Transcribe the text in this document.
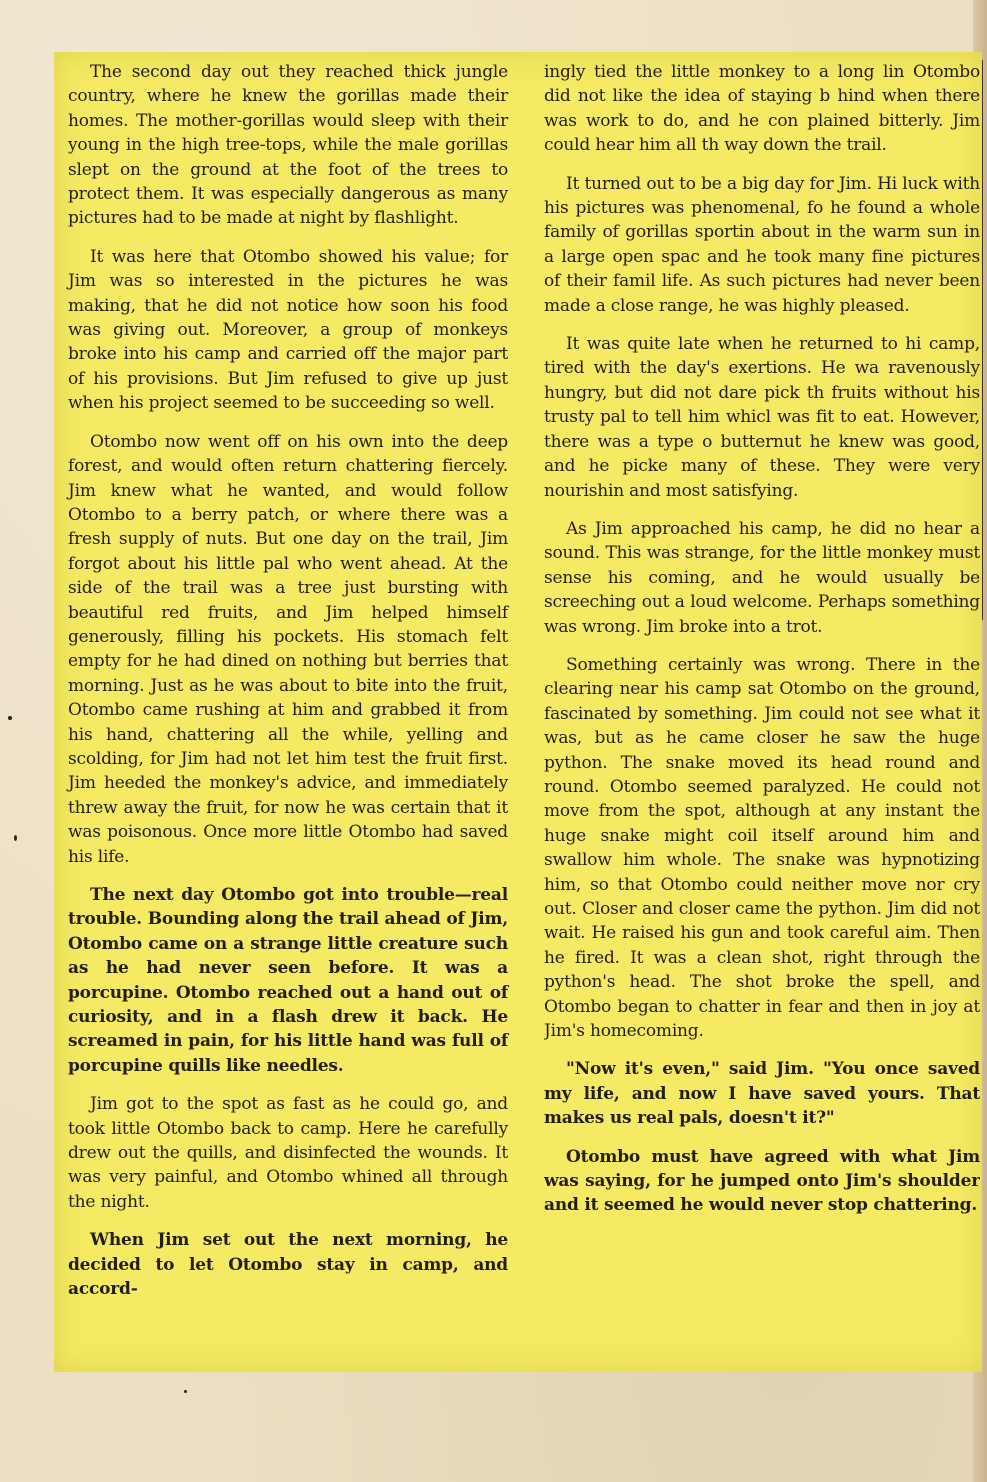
The second day out they reached thick jungle country, where he knew the gorillas made their homes. The mother-gorillas would sleep with their young in the high tree-tops, while the male gorillas slept on the ground at the foot of the trees to protect them. It was especially dangerous as many pictures had to be made at night by flashlight.

It was here that Otombo showed his value; for Jim was so interested in the pictures he was making, that he did not notice how soon his food was giving out. Moreover, a group of monkeys broke into his camp and carried off the major part of his provisions. But Jim refused to give up just when his project seemed to be succeeding so well.

Otombo now went off on his own into the deep forest, and would often return chattering fiercely. Jim knew what he wanted, and would follow Otombo to a berry patch, or where there was a fresh supply of nuts. But one day on the trail, Jim forgot about his little pal who went ahead. At the side of the trail was a tree just bursting with beautiful red fruits, and Jim helped himself generously, filling his pockets. His stomach felt empty for he had dined on nothing but berries that morning. Just as he was about to bite into the fruit, Otombo came rushing at him and grabbed it from his hand, chattering all the while, yelling and scolding, for Jim had not let him test the fruit first. Jim heeded the monkey's advice, and immediately threw away the fruit, for now he was certain that it was poisonous. Once more little Otombo had saved his life.

The next day Otombo got into trouble—real trouble. Bounding along the trail ahead of Jim, Otombo came on a strange little creature such as he had never seen before. It was a porcupine. Otombo reached out a hand out of curiosity, and in a flash drew it back. He screamed in pain, for his little hand was full of porcupine quills like needles.

Jim got to the spot as fast as he could go, and took little Otombo back to camp. Here he carefully drew out the quills, and disinfected the wounds. It was very painful, and Otombo whined all through the night.

When Jim set out the next morning, he decided to let Otombo stay in camp, and accord-

ingly tied the little monkey to a long lin Otombo did not like the idea of staying b hind when there was work to do, and he con plained bitterly. Jim could hear him all th way down the trail.

It turned out to be a big day for Jim. Hi luck with his pictures was phenomenal, fo he found a whole family of gorillas sportin about in the warm sun in a large open spac and he took many fine pictures of their famil life. As such pictures had never been made a close range, he was highly pleased.

It was quite late when he returned to hi camp, tired with the day's exertions. He wa ravenously hungry, but did not dare pick th fruits without his trusty pal to tell him whicl was fit to eat. However, there was a type o butternut he knew was good, and he picke many of these. They were very nourishin and most satisfying.

As Jim approached his camp, he did no hear a sound. This was strange, for the little monkey must sense his coming, and he would usually be screeching out a loud welcome. Perhaps something was wrong. Jim broke into a trot.

Something certainly was wrong. There in the clearing near his camp sat Otombo on the ground, fascinated by something. Jim could not see what it was, but as he came closer he saw the huge python. The snake moved its head round and round. Otombo seemed paralyzed. He could not move from the spot, although at any instant the huge snake might coil itself around him and swallow him whole. The snake was hypnotizing him, so that Otombo could neither move nor cry out. Closer and closer came the python. Jim did not wait. He raised his gun and took careful aim. Then he fired. It was a clean shot, right through the python's head. The shot broke the spell, and Otombo began to chatter in fear and then in joy at Jim's homecoming.

"Now it's even," said Jim. "You once saved my life, and now I have saved yours. That makes us real pals, doesn't it?"

Otombo must have agreed with what Jim was saying, for he jumped onto Jim's shoulder and it seemed he would never stop chattering.
